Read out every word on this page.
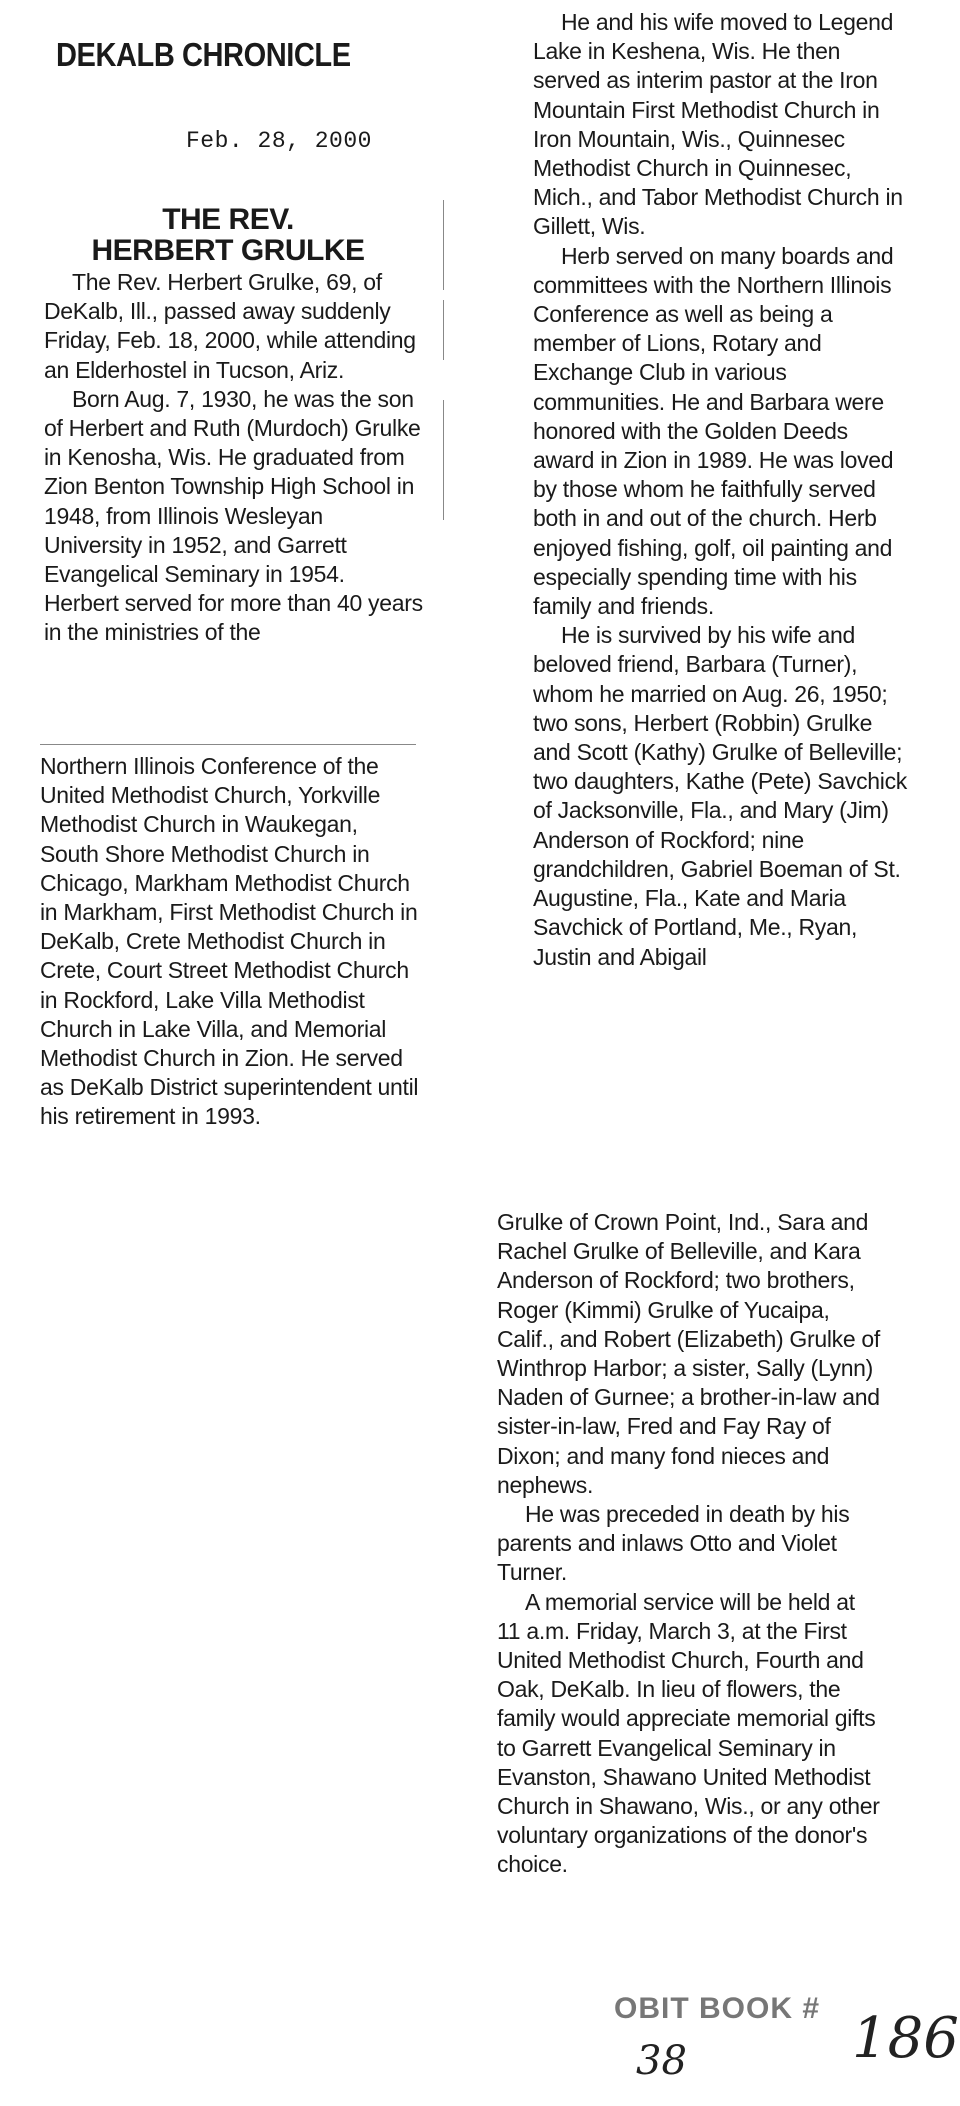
DEKALB CHRONICLE
Feb. 28, 2000
THE REV.
HERBERT GRULKE

The Rev. Herbert Grulke, 69, of DeKalb, Ill., passed away suddenly Friday, Feb. 18, 2000, while attending an Elderhostel in Tucson, Ariz.

Born Aug. 7, 1930, he was the son of Herbert and Ruth (Murdoch) Grulke in Kenosha, Wis. He graduated from Zion Benton Township High School in 1948, from Illinois Wesleyan University in 1952, and Garrett Evangelical Seminary in 1954. Herbert served for more than 40 years in the ministries of the

Northern Illinois Conference of the United Methodist Church, Yorkville Methodist Church in Waukegan, South Shore Methodist Church in Chicago, Markham Methodist Church in Markham, First Methodist Church in DeKalb, Crete Methodist Church in Crete, Court Street Methodist Church in Rockford, Lake Villa Methodist Church in Lake Villa, and Memorial Methodist Church in Zion. He served as DeKalb District superintendent until his retirement in 1993.

He and his wife moved to Legend Lake in Keshena, Wis. He then served as interim pastor at the Iron Mountain First Methodist Church in Iron Mountain, Wis., Quinnesec Methodist Church in Quinnesec, Mich., and Tabor Methodist Church in Gillett, Wis.

Herb served on many boards and committees with the Northern Illinois Conference as well as being a member of Lions, Rotary and Exchange Club in various communities. He and Barbara were honored with the Golden Deeds award in Zion in 1989. He was loved by those whom he faithfully served both in and out of the church. Herb enjoyed fishing, golf, oil painting and especially spending time with his family and friends.

He is survived by his wife and beloved friend, Barbara (Turner), whom he married on Aug. 26, 1950; two sons, Herbert (Robbin) Grulke and Scott (Kathy) Grulke of Belleville; two daughters, Kathe (Pete) Savchick of Jacksonville, Fla., and Mary (Jim) Anderson of Rockford; nine grandchildren, Gabriel Boeman of St. Augustine, Fla., Kate and Maria Savchick of Portland, Me., Ryan, Justin and Abigail

Grulke of Crown Point, Ind., Sara and Rachel Grulke of Belleville, and Kara Anderson of Rockford; two brothers, Roger (Kimmi) Grulke of Yucaipa, Calif., and Robert (Elizabeth) Grulke of Winthrop Harbor; a sister, Sally (Lynn) Naden of Gurnee; a brother-in-law and sister-in-law, Fred and Fay Ray of Dixon; and many fond nieces and nephews.

He was preceded in death by his parents and inlaws Otto and Violet Turner.

A memorial service will be held at 11 a.m. Friday, March 3, at the First United Methodist Church, Fourth and Oak, DeKalb. In lieu of flowers, the family would appreciate memorial gifts to Garrett Evangelical Seminary in Evanston, Shawano United Methodist Church in Shawano, Wis., or any other voluntary organizations of the donor's choice.

OBIT BOOK #
38	186
